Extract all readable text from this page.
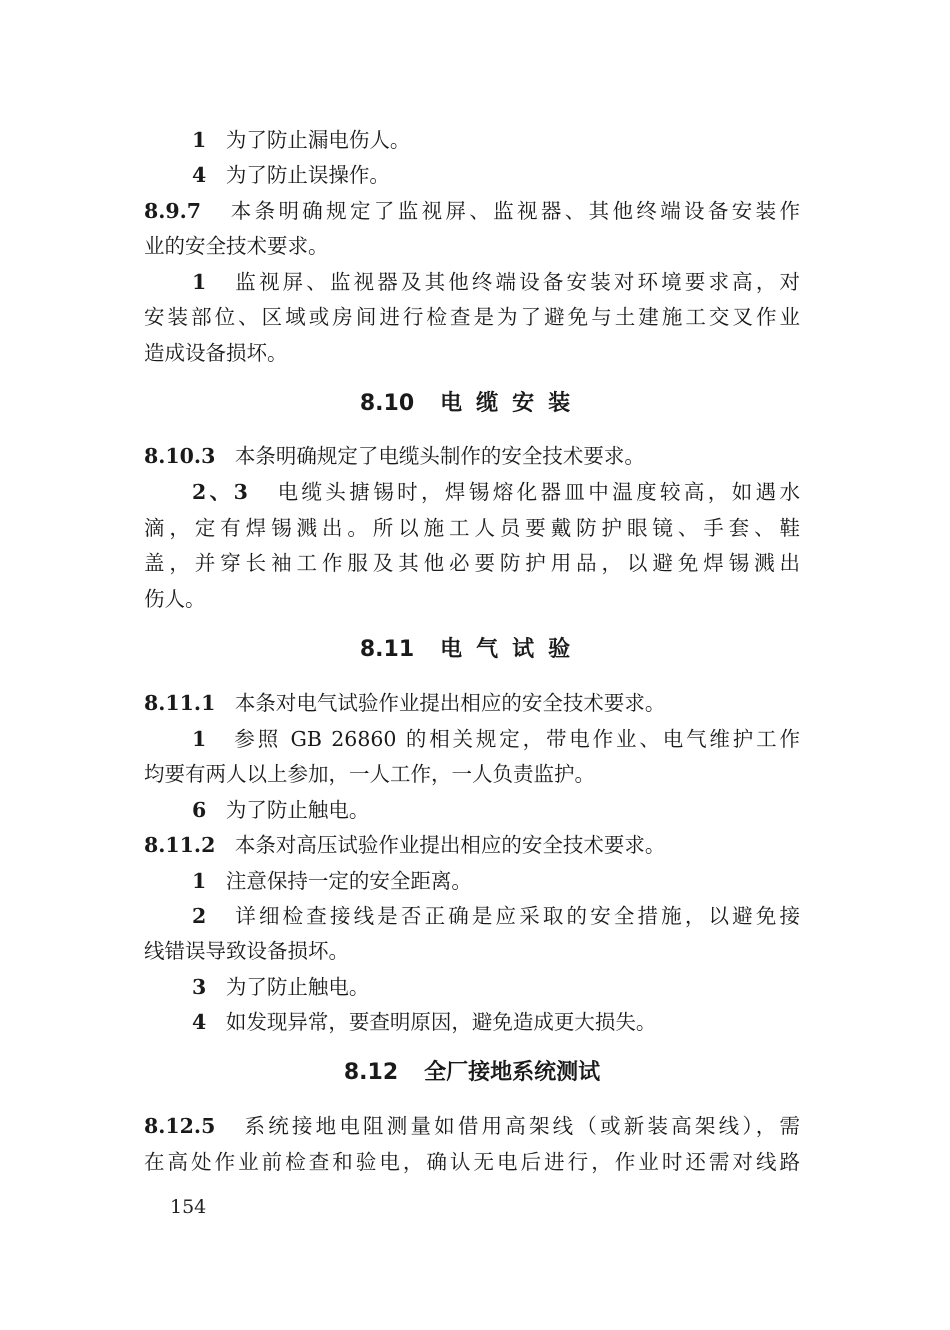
1 为了防止漏电伤人。
4 为了防止误操作。
8.9.7 本条明确规定了监视屏、监视器、其他终端设备安装作
业的安全技术要求。
1 监视屏、监视器及其他终端设备安装对环境要求高，对
安装部位、区域或房间进行检查是为了避免与土建施工交叉作业
造成设备损坏。
8.10 电缆安装
8.10.3 本条明确规定了电缆头制作的安全技术要求。
2、3 电缆头搪锡时，焊锡熔化器皿中温度较高，如遇水
滴，定有焊锡溅出。所以施工人员要戴防护眼镜、手套、鞋
盖，并穿长袖工作服及其他必要防护用品，以避免焊锡溅出
伤人。
8.11 电气试验
8.11.1 本条对电气试验作业提出相应的安全技术要求。
1 参照 GB 26860 的相关规定，带电作业、电气维护工作
均要有两人以上参加，一人工作，一人负责监护。
6 为了防止触电。
8.11.2 本条对高压试验作业提出相应的安全技术要求。
1 注意保持一定的安全距离。
2 详细检查接线是否正确是应采取的安全措施，以避免接
线错误导致设备损坏。
3 为了防止触电。
4 如发现异常，要查明原因，避免造成更大损失。
8.12 全厂接地系统测试
8.12.5 系统接地电阻测量如借用高架线（或新装高架线），需
在高处作业前检查和验电，确认无电后进行，作业时还需对线路
154
